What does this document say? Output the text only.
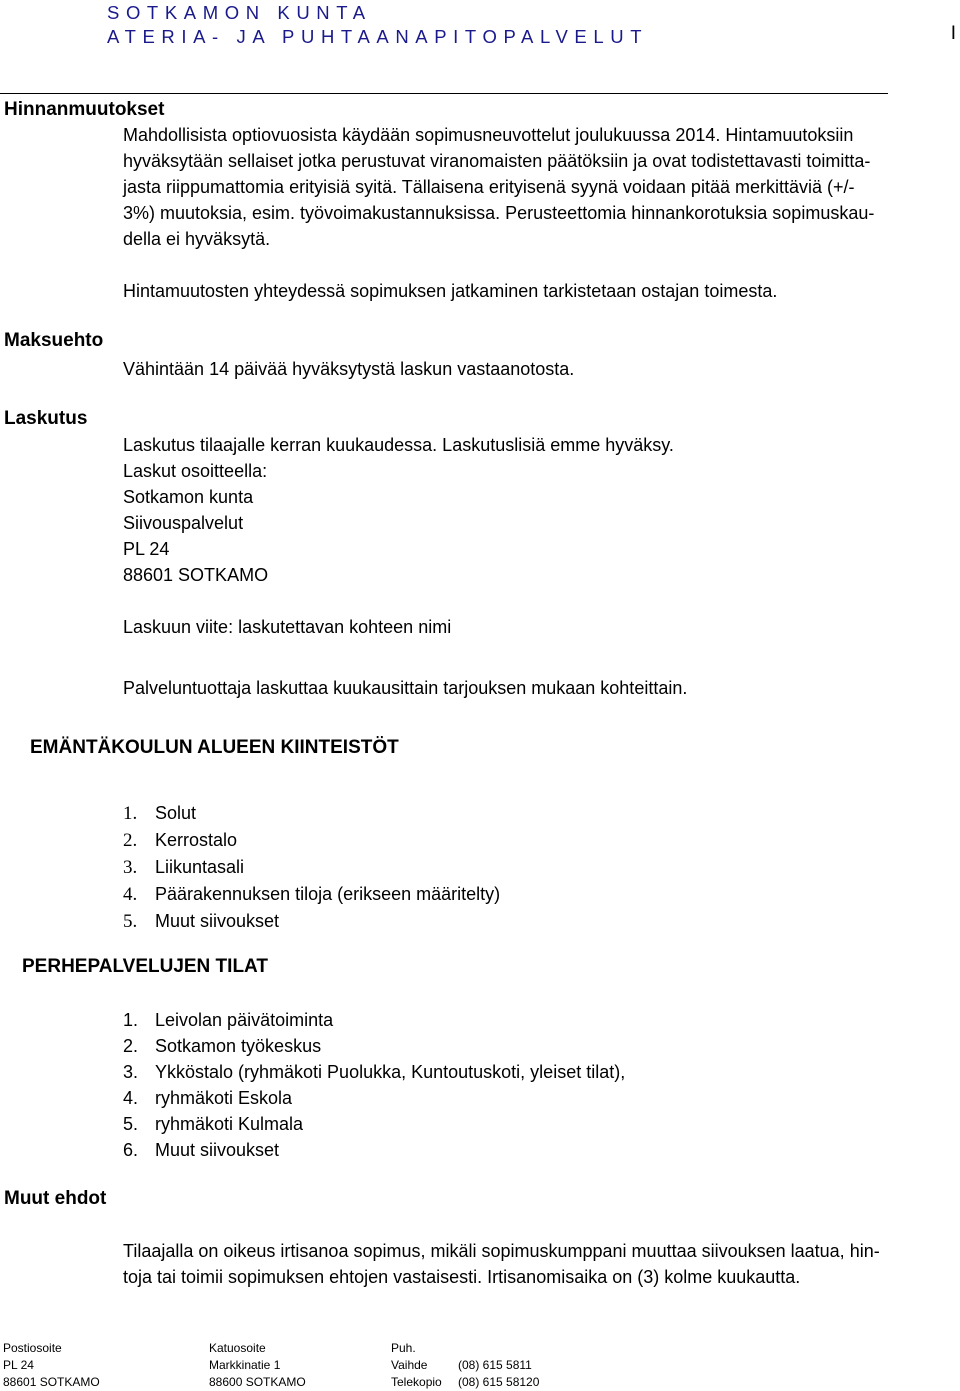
SOTKAMON KUNTA
ATERIA- JA PUHTAANAPITOPALVELUT	I
Hinnanmuutokset
Mahdollisista optiovuosista käydään sopimusneuvottelut joulukuussa 2014. Hintamuutoksiin
hyväksytään sellaiset jotka perustuvat viranomaisten päätöksiin ja ovat todistettavasti toimitta-
jasta riippumattomia erityisiä syitä. Tällaisena erityisenä syynä voidaan pitää merkittäviä (+/-
3%) muutoksia, esim. työvoimakustannuksissa. Perusteettomia hinnankorotuksia sopimuskau-
della ei hyväksytä.
Hintamuutosten yhteydessä sopimuksen jatkaminen tarkistetaan ostajan toimesta.
Maksuehto
Vähintään 14 päivää hyväksytystä laskun vastaanotosta.
Laskutus
Laskutus tilaajalle kerran kuukaudessa. Laskutuslisiä emme hyväksy.
Laskut osoitteella:
Sotkamon kunta
Siivouspalvelut
PL 24
88601 SOTKAMO
Laskuun viite: laskutettavan kohteen nimi
Palveluntuottaja laskuttaa kuukausittain tarjouksen mukaan kohteittain.
EMÄNTÄKOULUN ALUEEN KIINTEISTÖT
1. Solut
2. Kerrostalo
3. Liikuntasali
4. Päärakennuksen tiloja (erikseen määritelty)
5. Muut siivoukset
PERHEPALVELUJEN TILAT
1. Leivolan päivätoiminta
2. Sotkamon työkeskus
3. Ykköstalo (ryhmäkoti Puolukka, Kuntoutuskoti, yleiset tilat),
4. ryhmäkoti Eskola
5. ryhmäkoti Kulmala
6. Muut siivoukset
Muut ehdot
Tilaajalla on oikeus irtisanoa sopimus, mikäli sopimuskumppani muuttaa siivouksen laatua, hin-
toja tai toimii sopimuksen ehtojen vastaisesti. Irtisanomisaika on (3) kolme kuukautta.
Postiosoite
PL 24
88601 SOTKAMO
Katuosoite
Markkinatie 1
88600 SOTKAMO
Puh.
Vaihde	(08) 615 5811
Telekopio (08) 615 58120
